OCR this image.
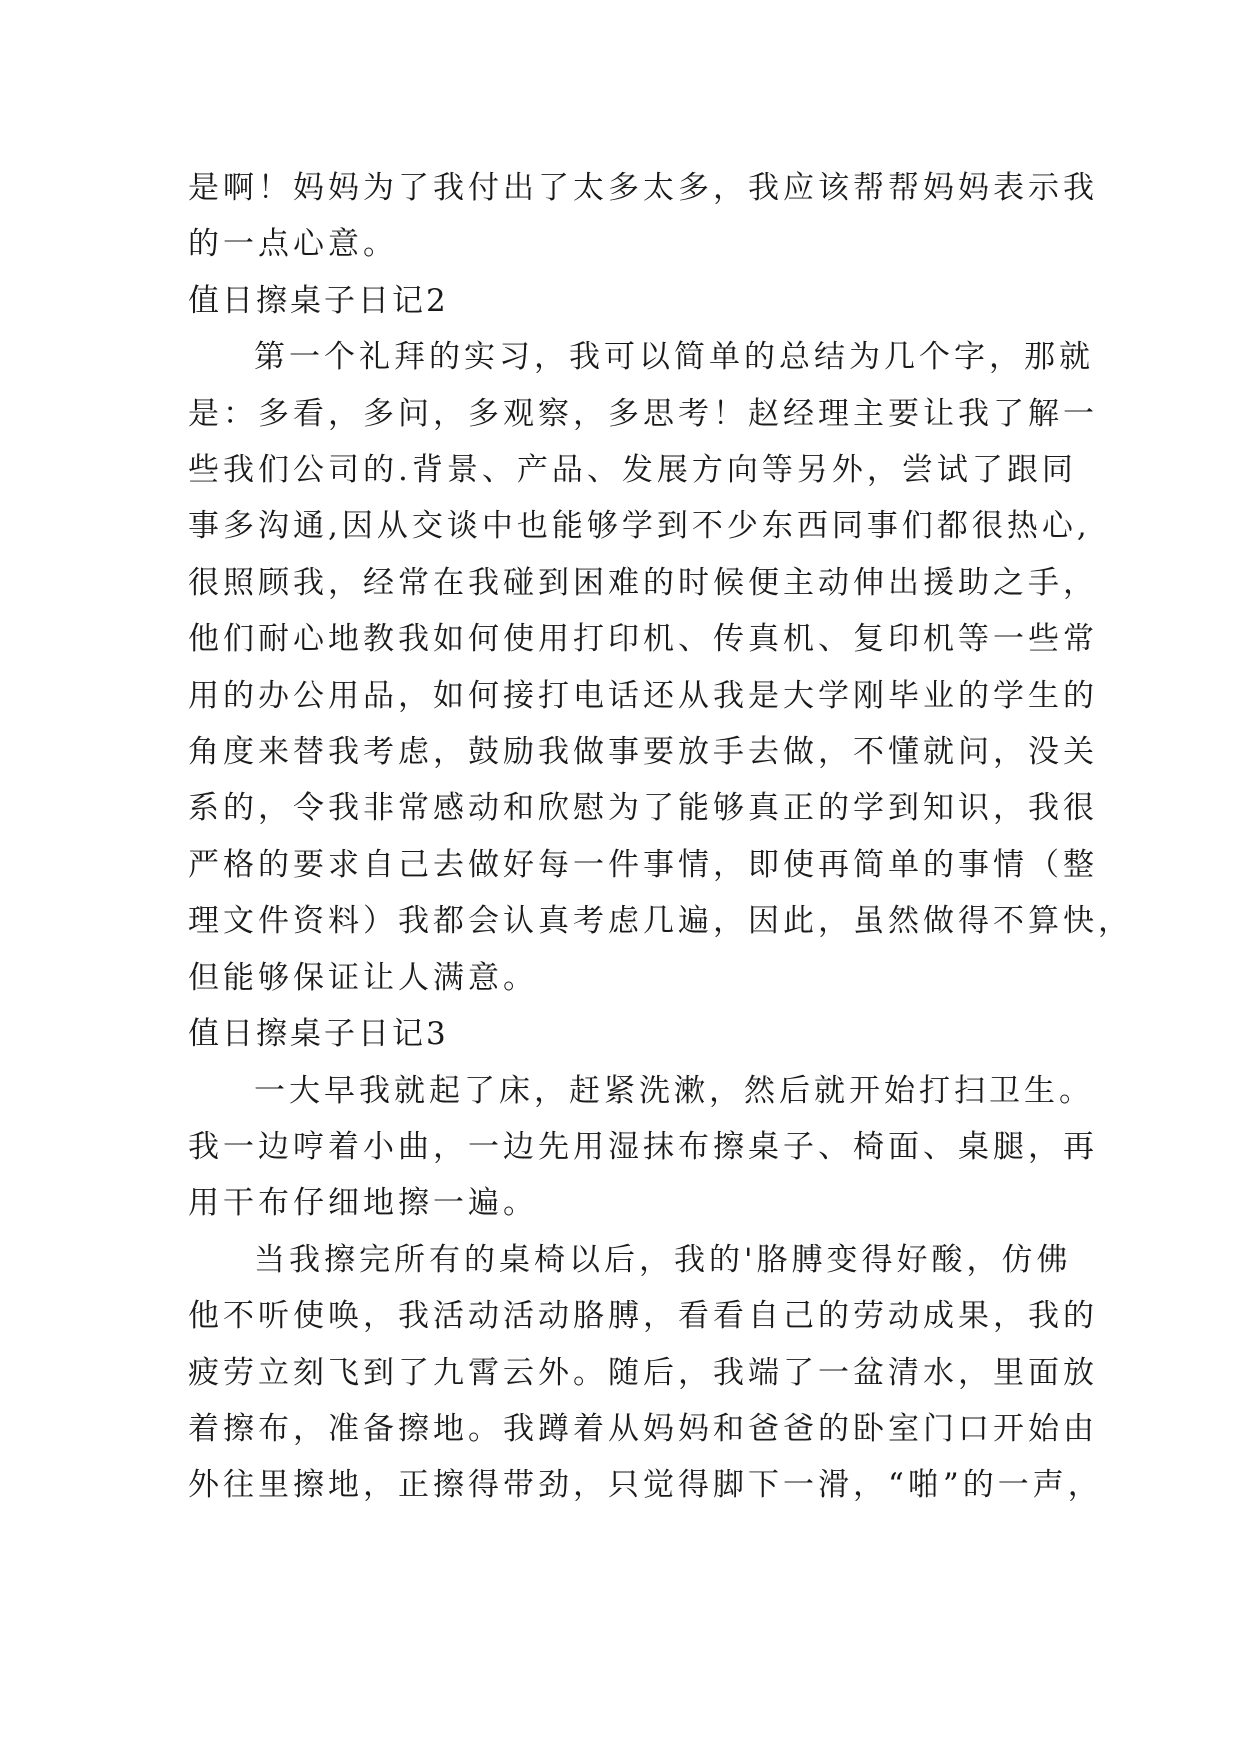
是啊！妈妈为了我付出了太多太多，我应该帮帮妈妈表示我
的一点心意。
值日擦桌子日记2
第一个礼拜的实习，我可以简单的总结为几个字，那就
是：多看，多问，多观察，多思考！赵经理主要让我了解一
些我们公司的.背景、产品、发展方向等另外，尝试了跟同
事多沟通,因从交谈中也能够学到不少东西同事们都很热心,
很照顾我，经常在我碰到困难的时候便主动伸出援助之手，
他们耐心地教我如何使用打印机、传真机、复印机等一些常
用的办公用品，如何接打电话还从我是大学刚毕业的学生的
角度来替我考虑，鼓励我做事要放手去做，不懂就问，没关
系的，令我非常感动和欣慰为了能够真正的学到知识，我很
严格的要求自己去做好每一件事情，即使再简单的事情（整
理文件资料）我都会认真考虑几遍，因此，虽然做得不算快，
但能够保证让人满意。
值日擦桌子日记3
一大早我就起了床，赶紧洗漱，然后就开始打扫卫生。
我一边哼着小曲，一边先用湿抹布擦桌子、椅面、桌腿，再
用干布仔细地擦一遍。
当我擦完所有的桌椅以后，我的'胳膊变得好酸，仿佛
他不听使唤，我活动活动胳膊，看看自己的劳动成果，我的
疲劳立刻飞到了九霄云外。随后，我端了一盆清水，里面放
着擦布，准备擦地。我蹲着从妈妈和爸爸的卧室门口开始由
外往里擦地，正擦得带劲，只觉得脚下一滑，“啪”的一声，
